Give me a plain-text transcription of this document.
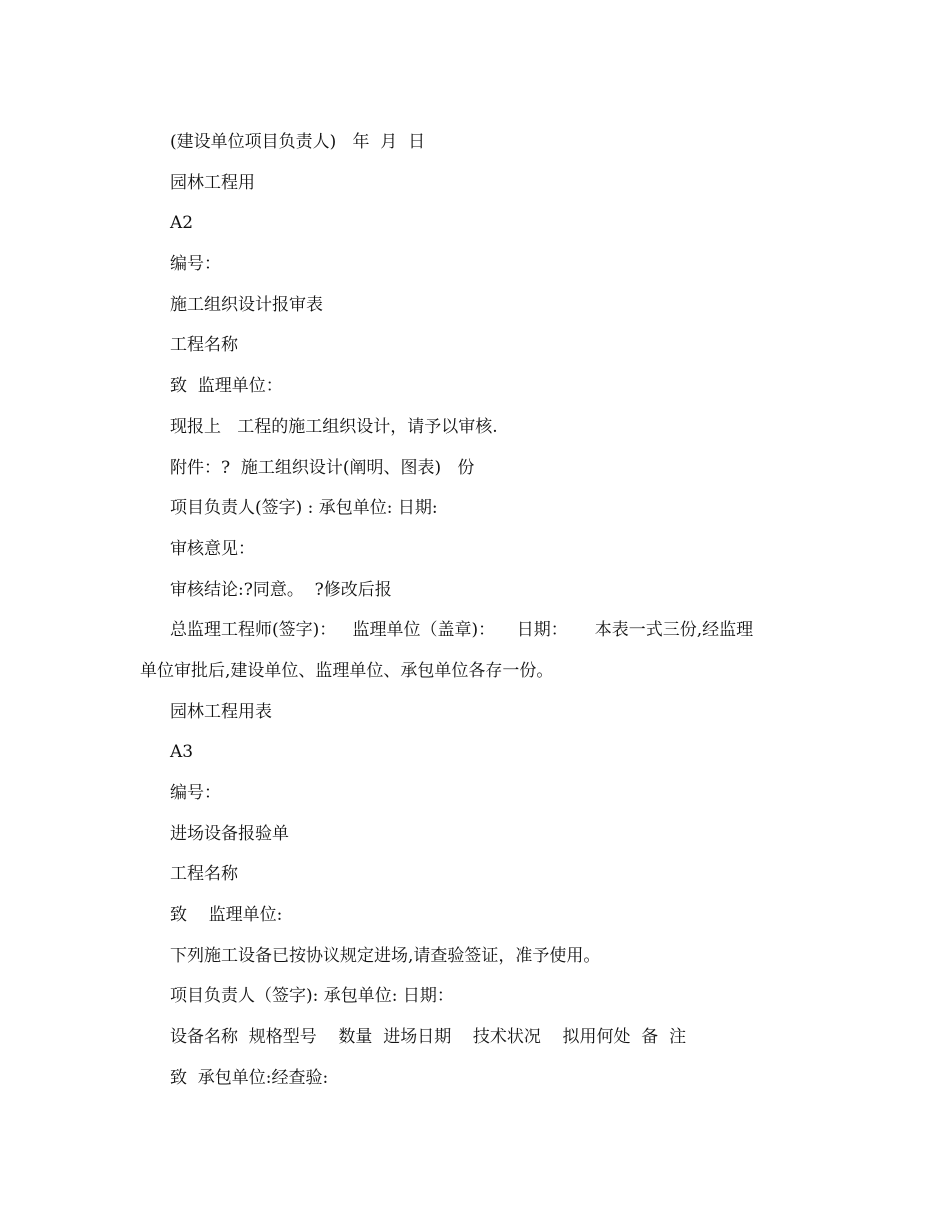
(建设单位项目负责人)   年  月  日
园林工程用
A2
编号：
施工组织设计报审表
工程名称
致  监理单位：
现报上   工程的施工组织设计，请予以审核.
附件：?  施工组织设计(阐明、图表)   份
项目负责人(签字) : 承包单位: 日期:
审核意见：
审核结论:?同意。  ?修改后报
总监理工程师(签字)：   监理单位（盖章)：    日期：     本表一式三份,经监理
单位审批后,建设单位、监理单位、承包单位各存一份。
园林工程用表
A3
编号：
进场设备报验单
工程名称
致    监理单位:
下列施工设备已按协议规定进场,请查验签证，准予使用。
项目负责人（签字): 承包单位: 日期：
设备名称  规格型号    数量  进场日期    技术状况    拟用何处  备  注
致  承包单位:经查验:
